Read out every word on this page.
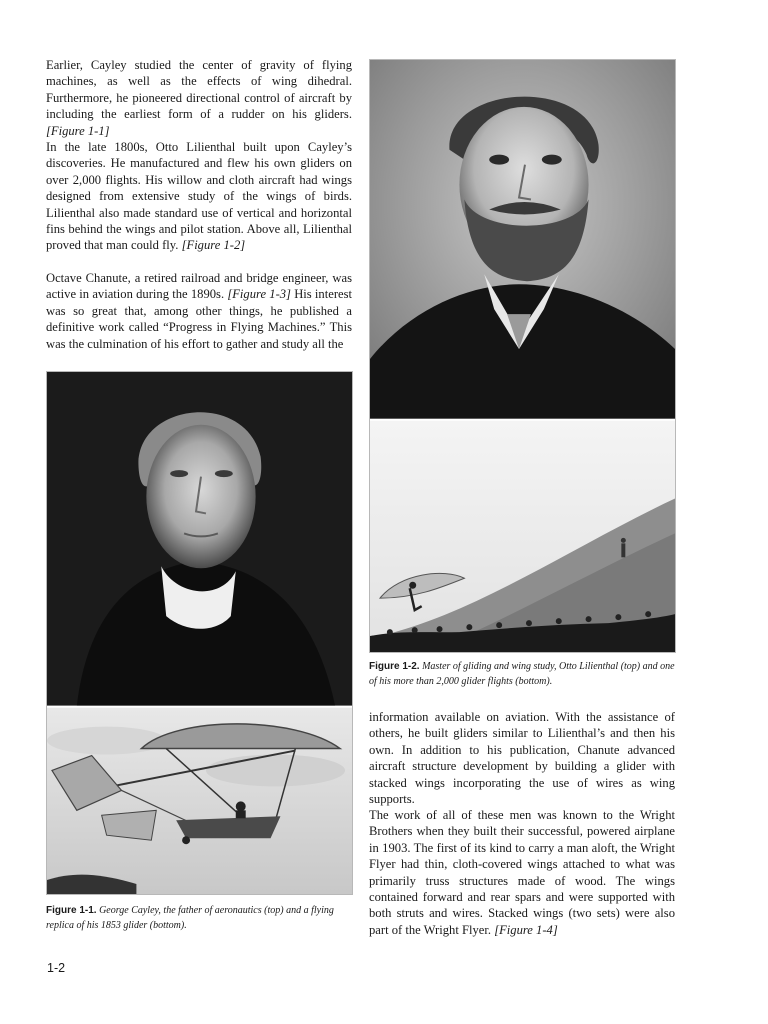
Earlier, Cayley studied the center of gravity of flying machines, as well as the effects of wing dihedral. Furthermore, he pioneered directional control of aircraft by including the earliest form of a rudder on his gliders. [Figure 1-1]

In the late 1800s, Otto Lilienthal built upon Cayley’s discoveries. He manufactured and flew his own gliders on over 2,000 flights. His willow and cloth aircraft had wings designed from extensive study of the wings of birds. Lilienthal also made standard use of vertical and horizontal fins behind the wings and pilot station. Above all, Lilienthal proved that man could fly. [Figure 1-2]

Octave Chanute, a retired railroad and bridge engineer, was active in aviation during the 1890s. [Figure 1-3] His interest was so great that, among other things, he published a definitive work called “Progress in Flying Machines.” This was the culmination of his effort to gather and study all the

Figure 1-1. George Cayley, the father of aeronautics (top) and a flying replica of his 1853 glider (bottom).

Figure 1-2. Master of gliding and wing study, Otto Lilienthal (top) and one of his more than 2,000 glider flights (bottom).

information available on aviation. With the assistance of others, he built gliders similar to Lilienthal’s and then his own. In addition to his publication, Chanute advanced aircraft structure development by building a glider with stacked wings incorporating the use of wires as wing supports.

The work of all of these men was known to the Wright Brothers when they built their successful, powered airplane in 1903. The first of its kind to carry a man aloft, the Wright Flyer had thin, cloth-covered wings attached to what was primarily truss structures made of wood. The wings contained forward and rear spars and were supported with both struts and wires. Stacked wings (two sets) were also part of the Wright Flyer. [Figure 1-4]

1-2
